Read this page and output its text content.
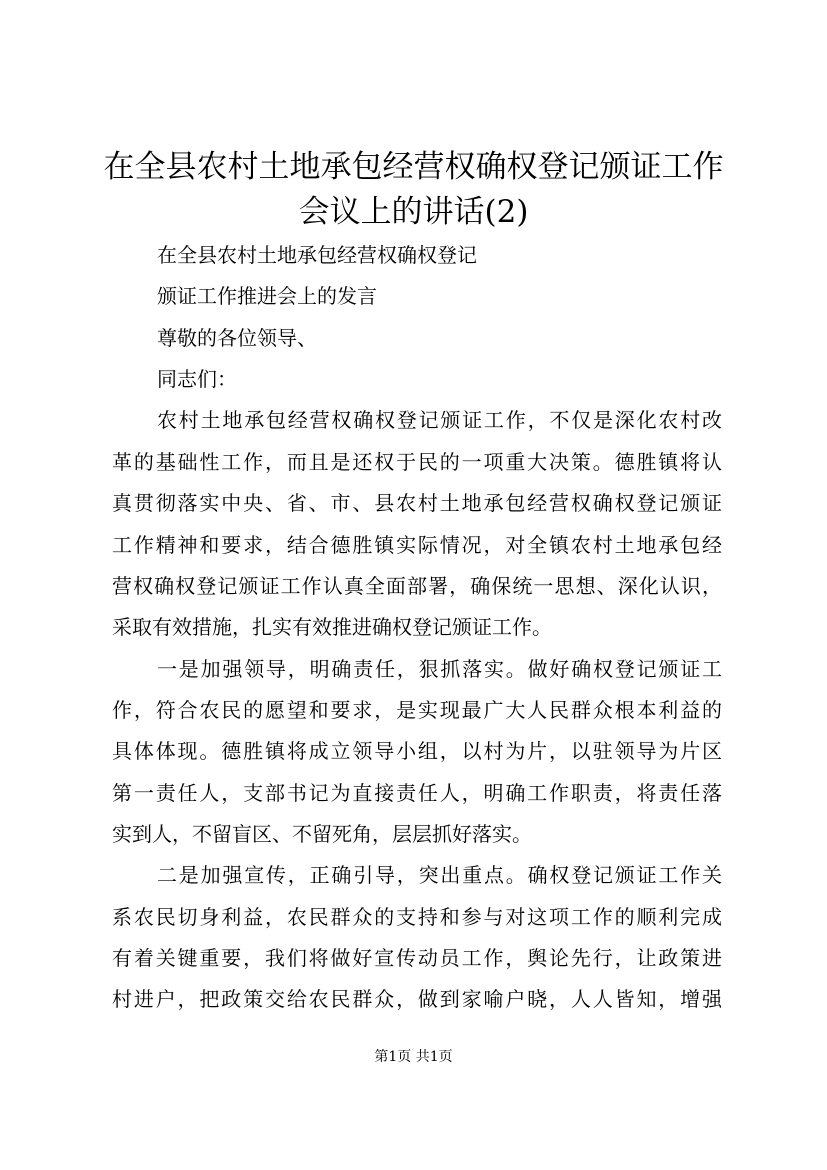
在全县农村土地承包经营权确权登记颁证工作
会议上的讲话(2)

在全县农村土地承包经营权确权登记

颁证工作推进会上的发言

尊敬的各位领导、

同志们：

农村土地承包经营权确权登记颁证工作，不仅是深化农村改

革的基础性工作，而且是还权于民的一项重大决策。德胜镇将认

真贯彻落实中央、省、市、县农村土地承包经营权确权登记颁证

工作精神和要求，结合德胜镇实际情况，对全镇农村土地承包经

营权确权登记颁证工作认真全面部署，确保统一思想、深化认识，

采取有效措施，扎实有效推进确权登记颁证工作。

一是加强领导，明确责任，狠抓落实。做好确权登记颁证工

作，符合农民的愿望和要求，是实现最广大人民群众根本利益的

具体体现。德胜镇将成立领导小组，以村为片，以驻领导为片区

第一责任人，支部书记为直接责任人，明确工作职责，将责任落

实到人，不留盲区、不留死角，层层抓好落实。

二是加强宣传，正确引导，突出重点。确权登记颁证工作关

系农民切身利益，农民群众的支持和参与对这项工作的顺利完成

有着关键重要，我们将做好宣传动员工作，舆论先行，让政策进

第1页 共1页

村进户，把政策交给农民群众，做到家喻户晓，人人皆知，增强
